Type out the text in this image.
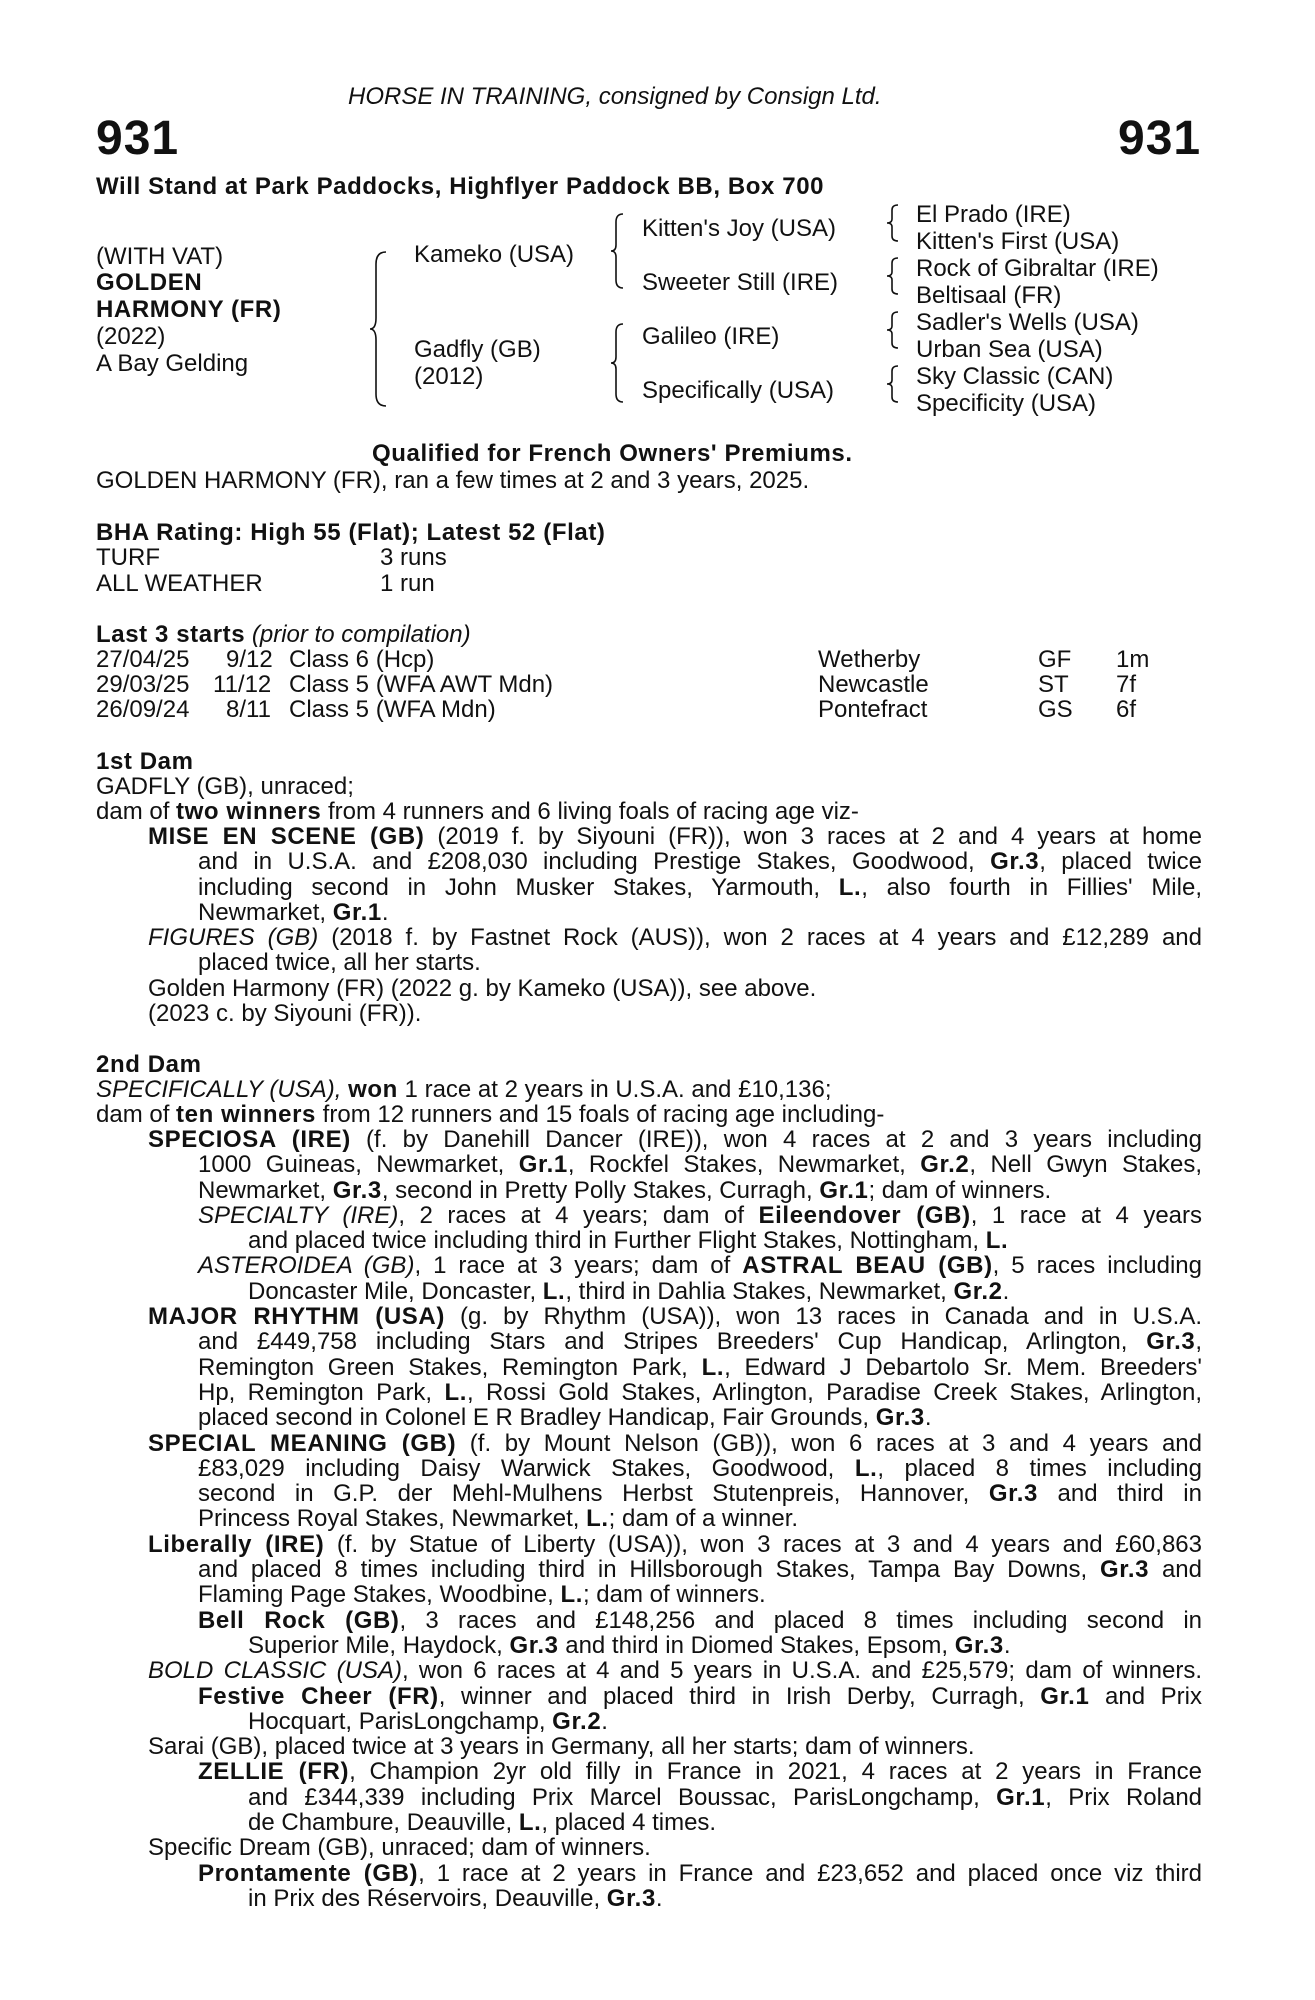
HORSE IN TRAINING, consigned by Consign Ltd.
931	931
Will Stand at Park Paddocks, Highflyer Paddock BB, Box 700
(WITH VAT)
GOLDEN
HARMONY (FR)
(2022)
A Bay Gelding
Kameko (USA)
Gadfly (GB)
(2012)
Kitten's Joy (USA)
Sweeter Still (IRE)
Galileo (IRE)
Specifically (USA)
El Prado (IRE)
Kitten's First (USA)
Rock of Gibraltar (IRE)
Beltisaal (FR)
Sadler's Wells (USA)
Urban Sea (USA)
Sky Classic (CAN)
Specificity (USA)
Qualified for French Owners' Premiums.
GOLDEN HARMONY (FR), ran a few times at 2 and 3 years, 2025.
BHA Rating: High 55 (Flat); Latest 52 (Flat)
TURF	3 runs
ALL WEATHER	1 run
Last 3 starts (prior to compilation)
27/04/25 9/12 Class 6 (Hcp)	Wetherby	GF 1m
29/03/25 11/12 Class 5 (WFA AWT Mdn)	Newcastle	ST 7f
26/09/24 8/11 Class 5 (WFA Mdn)	Pontefract	GS 6f
1st Dam
GADFLY (GB), unraced;
dam of two winners from 4 runners and 6 living foals of racing age viz-
MISE EN SCENE (GB) (2019 f. by Siyouni (FR)), won 3 races at 2 and 4 years at home
and in U.S.A. and £208,030 including Prestige Stakes, Goodwood, Gr.3, placed twice
including second in John Musker Stakes, Yarmouth, L., also fourth in Fillies' Mile,
Newmarket, Gr.1.
FIGURES (GB) (2018 f. by Fastnet Rock (AUS)), won 2 races at 4 years and £12,289 and
placed twice, all her starts.
Golden Harmony (FR) (2022 g. by Kameko (USA)), see above.
(2023 c. by Siyouni (FR)).
2nd Dam
SPECIFICALLY (USA), won 1 race at 2 years in U.S.A. and £10,136;
dam of ten winners from 12 runners and 15 foals of racing age including-
SPECIOSA (IRE) (f. by Danehill Dancer (IRE)), won 4 races at 2 and 3 years including
1000 Guineas, Newmarket, Gr.1, Rockfel Stakes, Newmarket, Gr.2, Nell Gwyn Stakes,
Newmarket, Gr.3, second in Pretty Polly Stakes, Curragh, Gr.1; dam of winners.
SPECIALTY (IRE), 2 races at 4 years; dam of Eileendover (GB), 1 race at 4 years
and placed twice including third in Further Flight Stakes, Nottingham, L.
ASTEROIDEA (GB), 1 race at 3 years; dam of ASTRAL BEAU (GB), 5 races including
Doncaster Mile, Doncaster, L., third in Dahlia Stakes, Newmarket, Gr.2.
MAJOR RHYTHM (USA) (g. by Rhythm (USA)), won 13 races in Canada and in U.S.A.
and £449,758 including Stars and Stripes Breeders' Cup Handicap, Arlington, Gr.3,
Remington Green Stakes, Remington Park, L., Edward J Debartolo Sr. Mem. Breeders'
Hp, Remington Park, L., Rossi Gold Stakes, Arlington, Paradise Creek Stakes, Arlington,
placed second in Colonel E R Bradley Handicap, Fair Grounds, Gr.3.
SPECIAL MEANING (GB) (f. by Mount Nelson (GB)), won 6 races at 3 and 4 years and
£83,029 including Daisy Warwick Stakes, Goodwood, L., placed 8 times including
second in G.P. der Mehl-Mulhens Herbst Stutenpreis, Hannover, Gr.3 and third in
Princess Royal Stakes, Newmarket, L.; dam of a winner.
Liberally (IRE) (f. by Statue of Liberty (USA)), won 3 races at 3 and 4 years and £60,863
and placed 8 times including third in Hillsborough Stakes, Tampa Bay Downs, Gr.3 and
Flaming Page Stakes, Woodbine, L.; dam of winners.
Bell Rock (GB), 3 races and £148,256 and placed 8 times including second in
Superior Mile, Haydock, Gr.3 and third in Diomed Stakes, Epsom, Gr.3.
BOLD CLASSIC (USA), won 6 races at 4 and 5 years in U.S.A. and £25,579; dam of winners.
Festive Cheer (FR), winner and placed third in Irish Derby, Curragh, Gr.1 and Prix
Hocquart, ParisLongchamp, Gr.2.
Sarai (GB), placed twice at 3 years in Germany, all her starts; dam of winners.
ZELLIE (FR), Champion 2yr old filly in France in 2021, 4 races at 2 years in France
and £344,339 including Prix Marcel Boussac, ParisLongchamp, Gr.1, Prix Roland
de Chambure, Deauville, L., placed 4 times.
Specific Dream (GB), unraced; dam of winners.
Prontamente (GB), 1 race at 2 years in France and £23,652 and placed once viz third
in Prix des Réservoirs, Deauville, Gr.3.
